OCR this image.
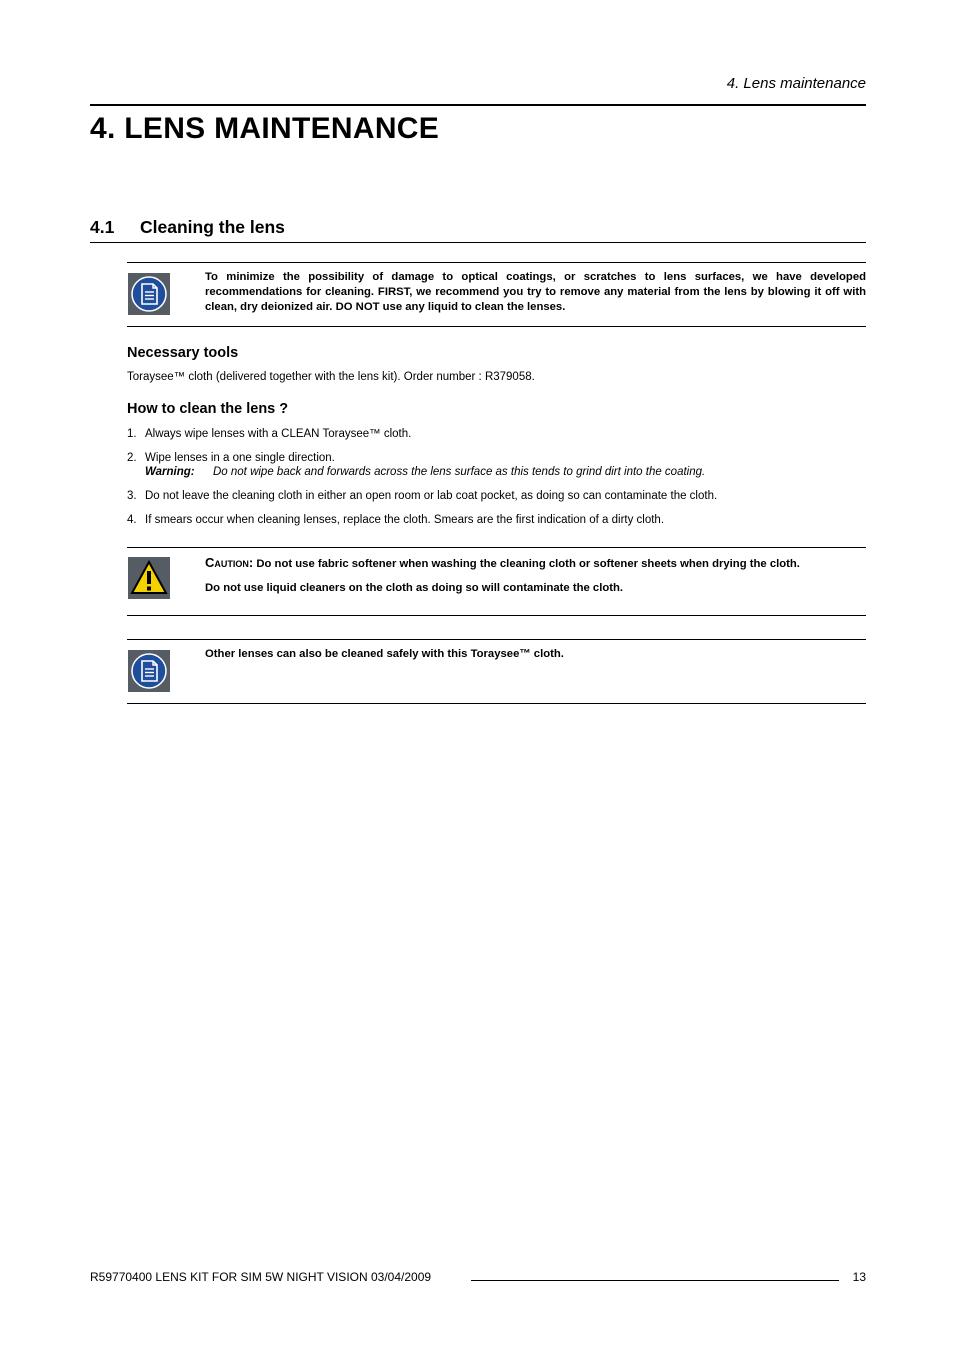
4. Lens maintenance
4. LENS MAINTENANCE
4.1 Cleaning the lens
To minimize the possibility of damage to optical coatings, or scratches to lens surfaces, we have developed recommendations for cleaning. FIRST, we recommend you try to remove any material from the lens by blowing it off with clean, dry deionized air. DO NOT use any liquid to clean the lenses.
Necessary tools
Toraysee™ cloth (delivered together with the lens kit). Order number : R379058.
How to clean the lens ?
1. Always wipe lenses with a CLEAN Toraysee™ cloth.
2. Wipe lenses in a one single direction.
Warning: Do not wipe back and forwards across the lens surface as this tends to grind dirt into the coating.
3. Do not leave the cleaning cloth in either an open room or lab coat pocket, as doing so can contaminate the cloth.
4. If smears occur when cleaning lenses, replace the cloth. Smears are the first indication of a dirty cloth.

Caution: Do not use fabric softener when washing the cleaning cloth or softener sheets when drying the cloth.

Do not use liquid cleaners on the cloth as doing so will contaminate the cloth.

Other lenses can also be cleaned safely with this Toraysee™ cloth.
R59770400 LENS KIT FOR SIM 5W NIGHT VISION 03/04/2009	13
